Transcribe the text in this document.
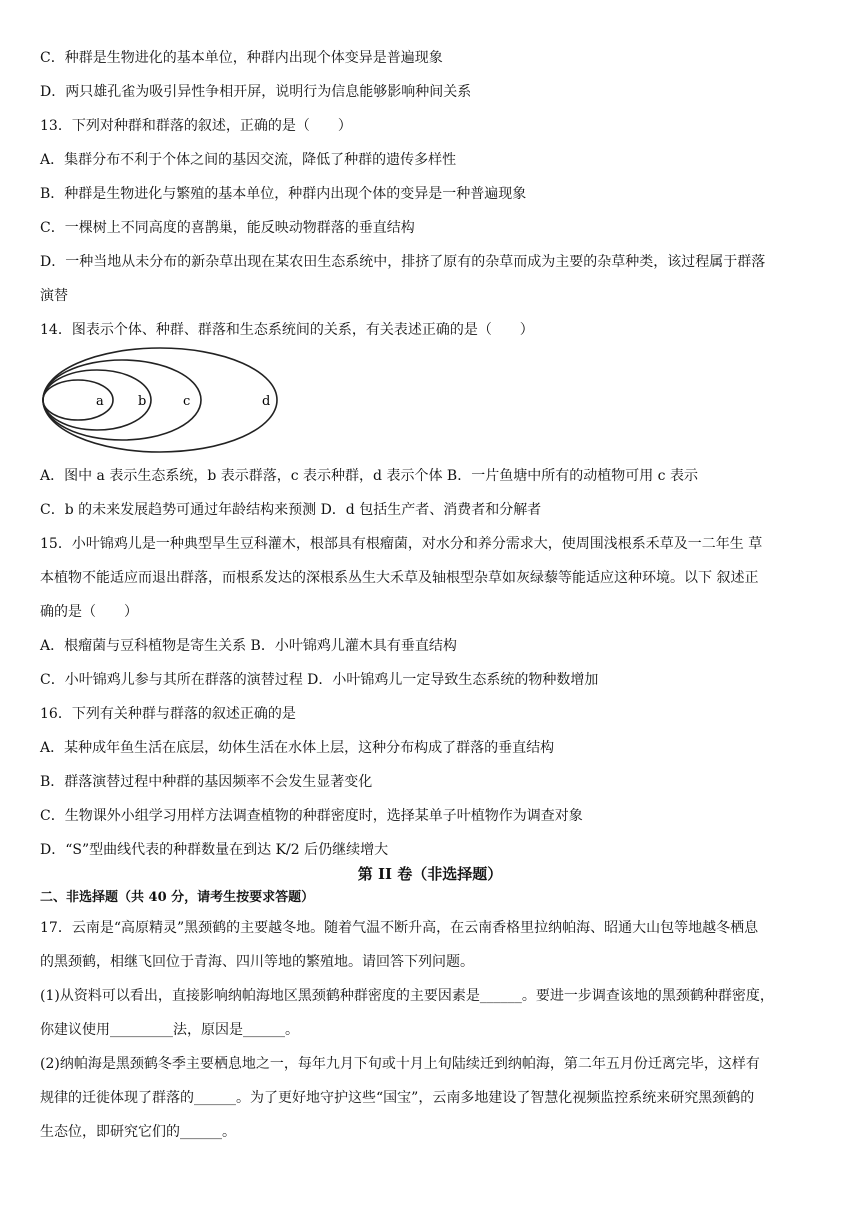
C．种群是生物进化的基本单位，种群内出现个体变异是普遍现象
D．两只雄孔雀为吸引异性争相开屏，说明行为信息能够影响种间关系
13．下列对种群和群落的叙述，正确的是（　　）
A．集群分布不利于个体之间的基因交流，降低了种群的遗传多样性
B．种群是生物进化与繁殖的基本单位，种群内出现个体的变异是一种普遍现象
C．一棵树上不同高度的喜鹊巢，能反映动物群落的垂直结构
D．一种当地从未分布的新杂草出现在某农田生态系统中，排挤了原有的杂草而成为主要的杂草种类，该过程属于群落
演替
14．图表示个体、种群、群落和生态系统间的关系，有关表述正确的是（　　）
a	b	c	d
A．图中 a 表示生态系统，b 表示群落，c 表示种群，d 表示个体 B．一片鱼塘中所有的动植物可用 c 表示
C．b 的未来发展趋势可通过年龄结构来预测 D．d 包括生产者、消费者和分解者
15．小叶锦鸡儿是一种典型旱生豆科灌木，根部具有根瘤菌，对水分和养分需求大，使周围浅根系禾草及一二年生 草
本植物不能适应而退出群落，而根系发达的深根系丛生大禾草及轴根型杂草如灰绿藜等能适应这种环境。以下 叙述正
确的是（　　）
A．根瘤菌与豆科植物是寄生关系 B．小叶锦鸡儿灌木具有垂直结构
C．小叶锦鸡儿参与其所在群落的演替过程 D．小叶锦鸡儿一定导致生态系统的物种数增加
16．下列有关种群与群落的叙述正确的是
A．某种成年鱼生活在底层，幼体生活在水体上层，这种分布构成了群落的垂直结构
B．群落演替过程中种群的基因频率不会发生显著变化
C．生物课外小组学习用样方法调查植物的种群密度时，选择某单子叶植物作为调查对象
D．“S”型曲线代表的种群数量在到达 K/2 后仍继续增大
第 II 卷（非选择题）
二、非选择题（共 40 分，请考生按要求答题）
17．云南是“高原精灵”黑颈鹤的主要越冬地。随着气温不断升高，在云南香格里拉纳帕海、昭通大山包等地越冬栖息
的黑颈鹤，相继飞回位于青海、四川等地的繁殖地。请回答下列问题。
(1)从资料可以看出，直接影响纳帕海地区黑颈鹤种群密度的主要因素是______。要进一步调查该地的黑颈鹤种群密度，
你建议使用_________法，原因是______。
(2)纳帕海是黑颈鹤冬季主要栖息地之一，每年九月下旬或十月上旬陆续迁到纳帕海，第二年五月份迁离完毕，这样有
规律的迁徙体现了群落的______。为了更好地守护这些“国宝”，云南多地建设了智慧化视频监控系统来研究黑颈鹤的
生态位，即研究它们的______。
